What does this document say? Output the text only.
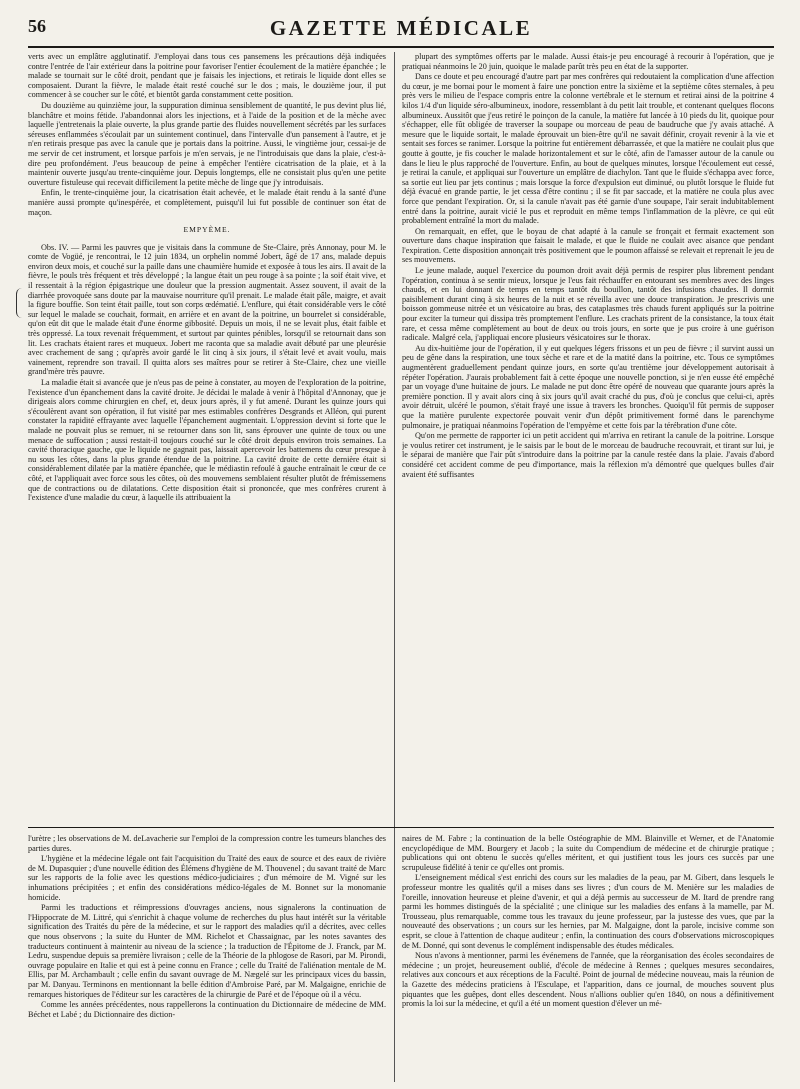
56	GAZETTE MÉDICALE

verts avec un emplâtre agglutinatif. J'employai dans tous ces pansemens les précautions déjà indiquées contre l'entrée de l'air extérieur dans la poitrine pour favoriser l'entier écoulement de la matière épanchée ; le malade se tournait sur le côté droit, pendant que je faisais les injections, et retirais le liquide dont elles se composaient. Durant la fièvre, le malade était resté couché sur le dos ; mais, le douzième jour, il put commencer à se coucher sur le côté, et bientôt garda constamment cette position.

Du douzième au quinzième jour, la suppuration diminua sensiblement de quantité, le pus devint plus lié, blanchâtre et moins fétide. J'abandonnai alors les injections, et à l'aide de la position et de la mèche avec laquelle j'entretenais la plaie ouverte, la plus grande partie des fluides nouvellement sécrétés par les surfaces séreuses enflammées s'écoulait par un suintement continuel, dans l'intervalle d'un pansement à l'autre, et je n'en retirais presque pas avec la canule que je portais dans la poitrine. Aussi, le vingtième jour, cessai-je de me servir de cet instrument, et lorsque parfois je m'en servais, je ne l'introduisais que dans la plaie, c'est-à-dire peu profondément. J'eus beaucoup de peine à empêcher l'entière cicatrisation de la plaie, et à la maintenir ouverte jusqu'au trente-cinquième jour. Depuis longtemps, elle ne consistait plus qu'en une petite ouverture fistuleuse qui recevait difficilement la petite mèche de linge que j'y introduisais.

Enfin, le trente-cinquième jour, la cicatrisation était achevée, et le malade était rendu à la santé d'une manière aussi prompte qu'inespérée, et complètement, puisqu'il lui fut possible de continuer son état de maçon.

EMPYÈME.

Obs. IV. — Parmi les pauvres que je visitais dans la commune de Ste-Claire, près Annonay, pour M. le comte de Vogüé, je rencontrai, le 12 juin 1834, un orphelin nommé Jobert, âgé de 17 ans, malade depuis environ deux mois, et couché sur la paille dans une chaumière humide et exposée à tous les airs. Il avait de la fièvre, le pouls très fréquent et très développé ; la langue était un peu rouge à sa pointe ; la soif était vive, et il ressentait à la région épigastrique une douleur que la pression augmentait. Assez souvent, il avait de la diarrhée provoquée sans doute par la mauvaise nourriture qu'il prenait. Le malade était pâle, maigre, et avait la figure bouffie. Son teint était paille, tout son corps œdématié. L'enflure, qui était considérable vers le côté sur lequel le malade se couchait, formait, en arrière et en avant de la poitrine, un bourrelet si considérable, qu'on eût dit que le malade était d'une énorme gibbosité. Depuis un mois, il ne se levait plus, était faible et très oppressé. La toux revenait fréquemment, et surtout par quintes pénibles, lorsqu'il se retournait dans son lit. Les crachats étaient rares et muqueux. Jobert me raconta que sa maladie avait débuté par une pleurésie avec crachement de sang ; qu'après avoir gardé le lit cinq à six jours, il s'était levé et avait voulu, mais vainement, reprendre son travail. Il quitta alors ses maîtres pour se retirer à Ste-Claire, chez une vieille grand'mère très pauvre.

La maladie était si avancée que je n'eus pas de peine à constater, au moyen de l'exploration de la poitrine, l'existence d'un épanchement dans la cavité droite. Je décidai le malade à venir à l'hôpital d'Annonay, que je dirigeais alors comme chirurgien en chef, et, deux jours après, il y fut amené. Durant les quinze jours qui s'écoulèrent avant son opération, il fut visité par mes estimables confrères Desgrands et Alléon, qui purent constater la rapidité effrayante avec laquelle l'épanchement augmentait. L'oppression devint si forte que le malade ne pouvait plus se remuer, ni se retourner dans son lit, sans éprouver une quinte de toux ou une menace de suffocation ; aussi restait-il toujours couché sur le côté droit depuis environ trois semaines. La cavité thoracique gauche, que le liquide ne gagnait pas, laissait apercevoir les battemens du cœur presque à nu sous les côtes, dans la plus grande étendue de la poitrine. La cavité droite de cette dernière était si considérablement dilatée par la matière épanchée, que le médiastin refoulé à gauche entraînait le cœur de ce côté, et l'appliquait avec force sous les côtes, où des mouvemens semblaient résulter plutôt de frémissemens que de contractions ou de dilatations. Cette disposition était si prononcée, que mes confrères crurent à l'existence d'une maladie du cœur, à laquelle ils attribuaient la

plupart des symptômes offerts par le malade. Aussi étais-je peu encouragé à recourir à l'opération, que je pratiquai néanmoins le 20 juin, quoique le malade parût très peu en état de la supporter.

Dans ce doute et peu encouragé d'autre part par mes confrères qui redoutaient la complication d'une affection du cœur, je me bornai pour le moment à faire une ponction entre la sixième et la septième côtes sternales, à peu près vers le milieu de l'espace compris entre la colonne vertébrale et le sternum et retirai ainsi de la poitrine 4 kilos 1/4 d'un liquide séro-albumineux, inodore, ressemblant à du petit lait trouble, et contenant quelques flocons albumineux. Aussitôt que j'eus retiré le poinçon de la canule, la matière fut lancée à 10 pieds du lit, quoique pour s'échapper, elle fût obligée de traverser la soupape ou morceau de peau de baudruche que j'y avais attaché. A mesure que le liquide sortait, le malade éprouvait un bien-être qu'il ne savait définir, croyait revenir à la vie et sentait ses forces se ranimer. Lorsque la poitrine fut entièrement débarrassée, et que la matière ne coulait plus que goutte à goutte, je fis coucher le malade horizontalement et sur le côté, afin de l'amasser autour de la canule ou dans le lieu le plus rapproché de l'ouverture. Enfin, au bout de quelques minutes, lorsque l'écoulement eut cessé, je retirai la canule, et appliquai sur l'ouverture un emplâtre de diachylon. Tant que le fluide s'échappa avec force, sa sortie eut lieu par jets continus ; mais lorsque la force d'expulsion eut diminué, ou plutôt lorsque le fluide fut déjà évacué en grande partie, le jet cessa d'être continu ; il se fit par saccade, et la matière ne coula plus avec force que pendant l'expiration. Or, si la canule n'avait pas été garnie d'une soupape, l'air serait indubitablement entré dans la poitrine, aurait vicié le pus et reproduit en même temps l'inflammation de la plèvre, ce qui eût probablement entraîné la mort du malade.

On remarquait, en effet, que le boyau de chat adapté à la canule se fronçait et fermait exactement son ouverture dans chaque inspiration que faisait le malade, et que le fluide ne coulait avec aisance que pendant l'expiration. Cette disposition annonçait très positivement que le poumon affaissé se relevait et reprenait le jeu de ses mouvemens.

Le jeune malade, auquel l'exercice du poumon droit avait déjà permis de respirer plus librement pendant l'opération, continua à se sentir mieux, lorsque je l'eus fait réchauffer en entourant ses membres avec des linges chauds, et en lui donnant de temps en temps tantôt du bouillon, tantôt des infusions chaudes. Il dormit paisiblement durant cinq à six heures de la nuit et se réveilla avec une douce transpiration. Je prescrivis une boisson gommeuse nitrée et un vésicatoire au bras, des cataplasmes très chauds furent appliqués sur la poitrine pour exciter la tumeur qui dissipa très promptement l'enflure. Les crachats prirent de la consistance, la toux était rare, et cessa même complètement au bout de deux ou trois jours, en sorte que je pus croire à une guérison radicale. Malgré cela, j'appliquai encore plusieurs vésicatoires sur le thorax.

Au dix-huitième jour de l'opération, il y eut quelques légers frissons et un peu de fièvre ; il survint aussi un peu de gêne dans la respiration, une toux sèche et rare et de la matité dans la poitrine, etc. Tous ce symptômes augmentèrent graduellement pendant quinze jours, en sorte qu'au trentième jour développement autorisait à répéter l'opération. J'aurais probablement fait à cette époque une nouvelle ponction, si je n'en eusse été empêché par un voyage d'une huitaine de jours. Le malade ne put donc être opéré de nouveau que quarante jours après la première ponction. Il y avait alors cinq à six jours qu'il avait craché du pus, d'où je conclus que celui-ci, après avoir détruit, ulcéré le poumon, s'était frayé une issue à travers les bronches. Quoiqu'il fût permis de supposer que la matière purulente expectorée pouvait venir d'un dépôt primitivement formé dans le parenchyme pulmonaire, je pratiquai néanmoins l'opération de l'empyème et cette fois par la térébration d'une côte.

Qu'on me permette de rapporter ici un petit accident qui m'arriva en retirant la canule de la poitrine. Lorsque je voulus retirer cet instrument, je le saisis par le bout de le morceau de baudruche recouvrait, et tirant sur lui, je le séparai de manière que l'air pût s'introduire dans la poitrine par la canule restée dans la plaie. J'avais d'abord considéré cet accident comme de peu d'importance, mais la réflexion m'a démontré que quelques bulles d'air avaient été suffisantes

l'urètre ; les observations de M. deLavacherie sur l'emploi de la compression contre les tumeurs blanches des parties dures.

L'hygiène et la médecine légale ont fait l'acquisition du Traité des eaux de source et des eaux de rivière de M. Dupasquier ; d'une nouvelle édition des Élémens d'hygiène de M. Thouvenel ; du savant traité de Marc sur les rapports de la folie avec les questions médico-judiciaires ; d'un mémoire de M. Vigné sur les inhumations précipitées ; et enfin des considérations médico-légales de M. Bonnet sur la monomanie homicide.

Parmi les traductions et réimpressions d'ouvrages anciens, nous signalerons la continuation de l'Hippocrate de M. Littré, qui s'enrichit à chaque volume de recherches du plus haut intérêt sur la véritable signification des Traités du père de la médecine, et sur le rapport des maladies qu'il a décrites, avec celles que nous observons ; la suite du Hunter de MM. Richelot et Chassaignac, par les notes savantes des traducteurs continuent à maintenir au niveau de la science ; la traduction de l'Épitome de J. Franck, par M. Ledru, suspendue depuis sa première livraison ; celle de la Théorie de la phlogose de Rasori, par M. Pirondi, ouvrage populaire en Italie et qui est à peine connu en France ; celle du Traité de l'aliénation mentale de M. Ellis, par M. Archambault ; celle enfin du savant ouvrage de M. Nægelé sur les principaux vices du bassin, par M. Danyau. Terminons en mentionnant la belle édition d'Ambroise Paré, par M. Malgaigne, enrichie de remarques historiques de l'éditeur sur les caractères de la chirurgie de Paré et de l'époque où il a vécu.

Comme les années précédentes, nous rappellerons la continuation du Dictionnaire de médecine de MM. Béchet et Labé ; du Dictionnaire des diction-

naires de M. Fabre ; la continuation de la belle Ostéographie de MM. Blainville et Werner, et de l'Anatomie encyclopédique de MM. Bourgery et Jacob ; la suite du Compendium de médecine et de chirurgie pratique ; publications qui ont obtenu le succès qu'elles méritent, et qui justifient tous les jours ces succès par une scrupuleuse fidélité à tenir ce qu'elles ont promis.

L'enseignement médical s'est enrichi des cours sur les maladies de la peau, par M. Gibert, dans lesquels le professeur montre les qualités qu'il a mises dans ses livres ; d'un cours de M. Menière sur les maladies de l'oreille, innovation heureuse et pleine d'avenir, et qui a déjà permis au successeur de M. Itard de prendre rang parmi les hommes distingués de la spécialité ; une clinique sur les maladies des enfans à la mamelle, par M. Trousseau, plus remarquable, comme tous les travaux du jeune professeur, par la justesse des vues, que par la nouveauté des observations ; un cours sur les hernies, par M. Malgaigne, dont la parole, incisive comme son esprit, se cloue à l'attention de chaque auditeur ; enfin, la continuation des cours d'observations microscopiques de M. Donné, qui sont devenus le complément indispensable des études médicales.

Nous n'avons à mentionner, parmi les événemens de l'année, que la réorganisation des écoles secondaires de médecine ; un projet, heureusement oublié, d'école de médecine à Rennes ; quelques mesures secondaires, relatives aux concours et aux réceptions de la Faculté. Point de journal de médecine nouveau, mais la réunion de la Gazette des médecins praticiens à l'Esculape, et l'apparition, dans ce journal, de mouches souvent plus piquantes que les guêpes, dont elles descendent. Nous n'allions oublier qu'en 1840, on nous a définitivement promis la loi sur la médecine, et qu'il a été un moment question d'élever un mé-
